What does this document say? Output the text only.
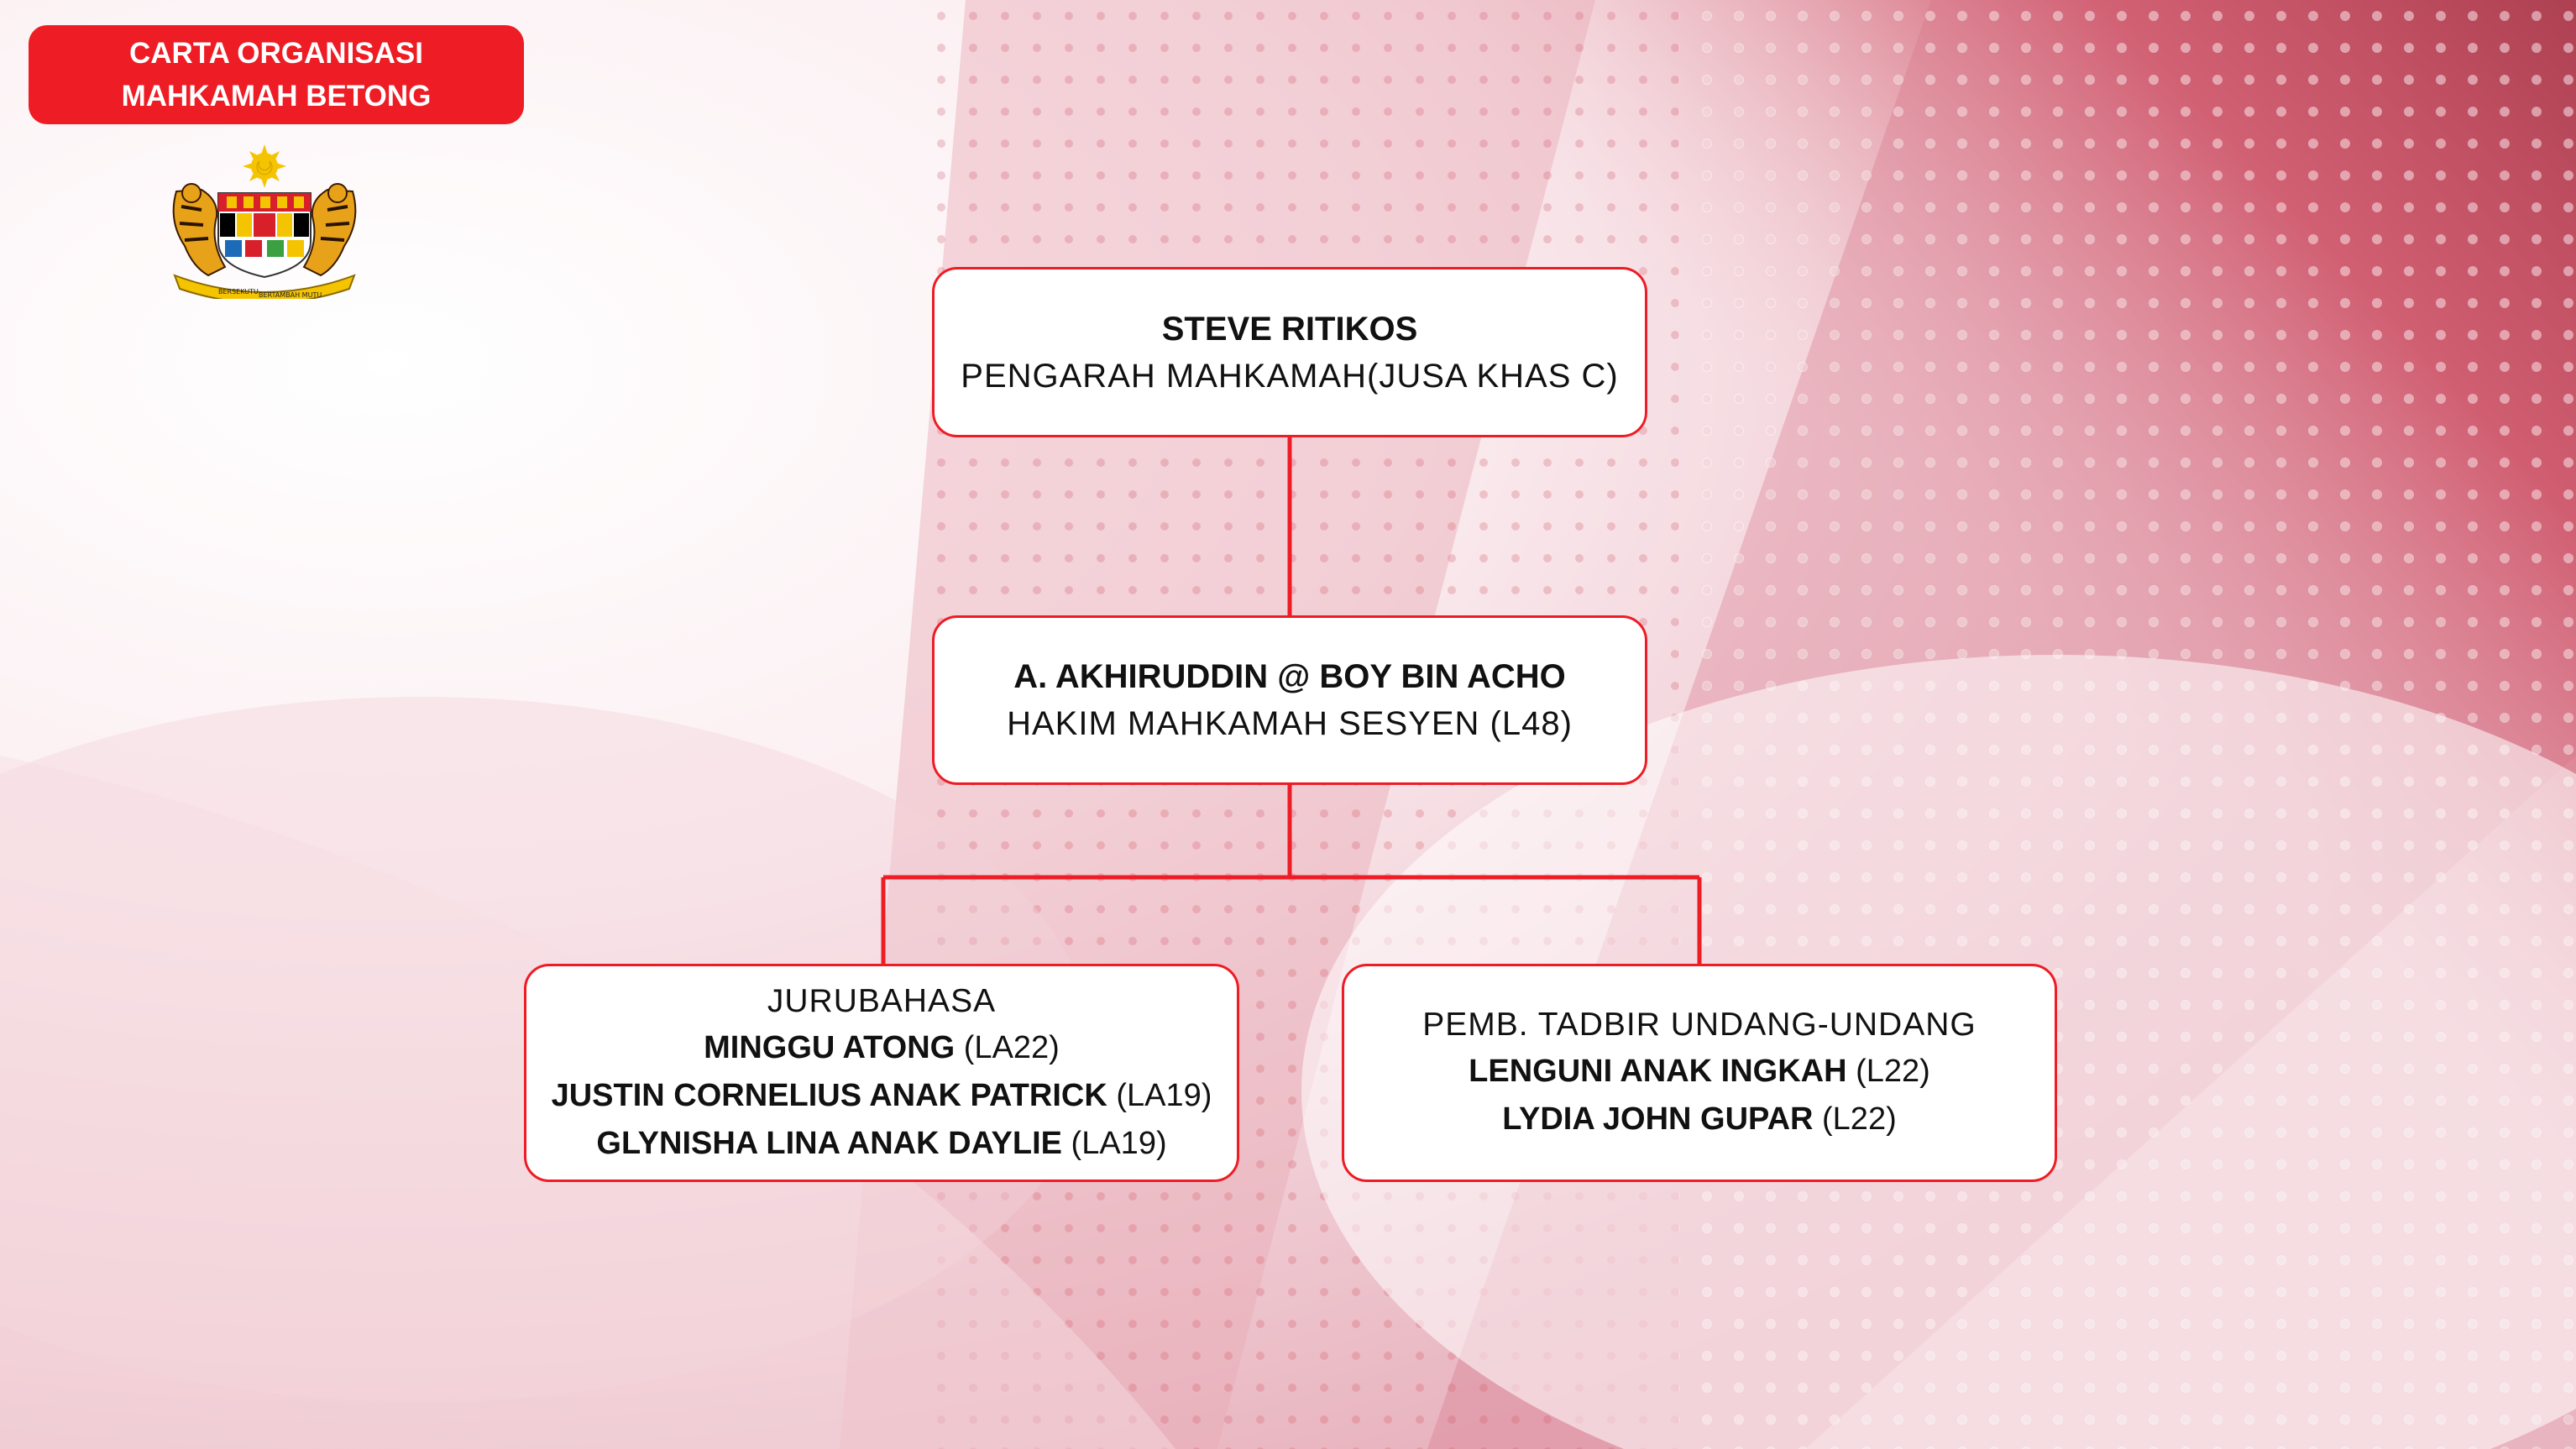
CARTA ORGANISASI
MAHKAMAH BETONG
BERSEKUTU BERTAMBAH MUTU
STEVE RITIKOS
PENGARAH MAHKAMAH(JUSA KHAS C)
A. AKHIRUDDIN @ BOY BIN ACHO
HAKIM MAHKAMAH SESYEN (L48)
JURUBAHASA
MINGGU ATONG (LA22)
JUSTIN CORNELIUS ANAK PATRICK (LA19)
GLYNISHA LINA ANAK DAYLIE (LA19)
PEMB. TADBIR UNDANG-UNDANG
LENGUNI ANAK INGKAH (L22)
LYDIA JOHN GUPAR (L22)
